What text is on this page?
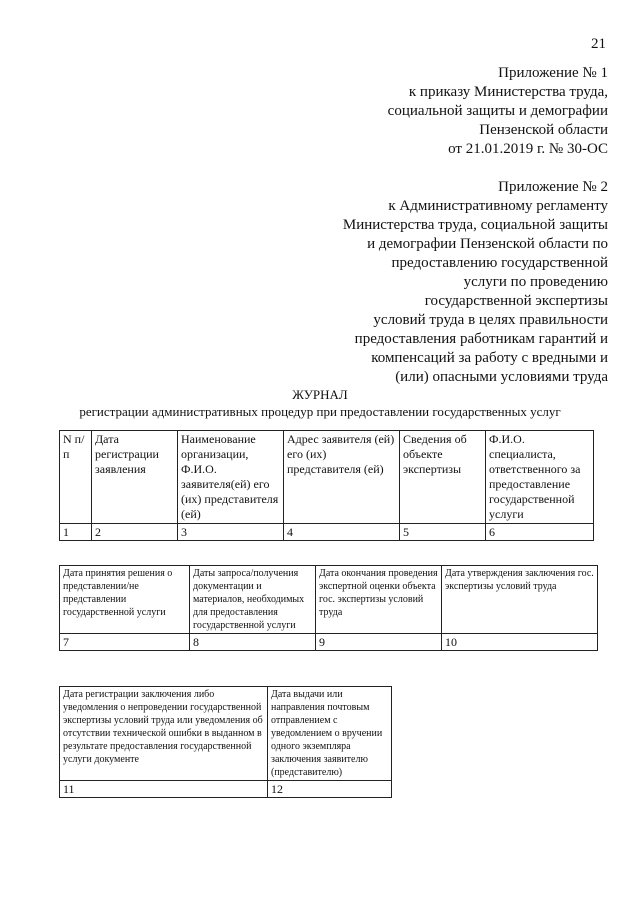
21
Приложение № 1
к приказу Министерства труда,
социальной защиты и демографии
Пензенской области
от 21.01.2019 г. № 30-ОС
Приложение № 2
к Административному регламенту
Министерства труда, социальной защиты
и демографии Пензенской области по
предоставлению государственной
услуги по проведению
государственной экспертизы
условий труда в целях правильности
предоставления работникам гарантий и
компенсаций за работу с вредными и
(или) опасными условиями труда
ЖУРНАЛ
регистрации административных процедур при предоставлении государственных услуг
N п/п	Дата регистрации заявления	Наименование организации, Ф.И.О. заявителя(ей) его (их) представителя (ей)	Адрес заявителя (ей) его (их) представителя (ей)	Сведения об объекте экспертизы	Ф.И.О. специалиста, ответственного за предоставление государственной услуги
1	2	3	4	5	6
Дата принятия решения о представлении/не представлении государственной услуги	Даты запроса/получения документации и материалов, необходимых для предоставления государственной услуги	Дата окончания проведения экспертной оценки объекта гос. экспертизы условий труда	Дата утверждения заключения гос. экспертизы условий труда
7	8	9	10
Дата регистрации заключения либо уведомления о непроведении государственной экспертизы условий труда или уведомления об отсутствии технической ошибки в выданном в результате предоставления государственной услуги документе	Дата выдачи или направления почтовым отправлением с уведомлением о вручении одного экземпляра заключения заявителю (представителю)
11	12
